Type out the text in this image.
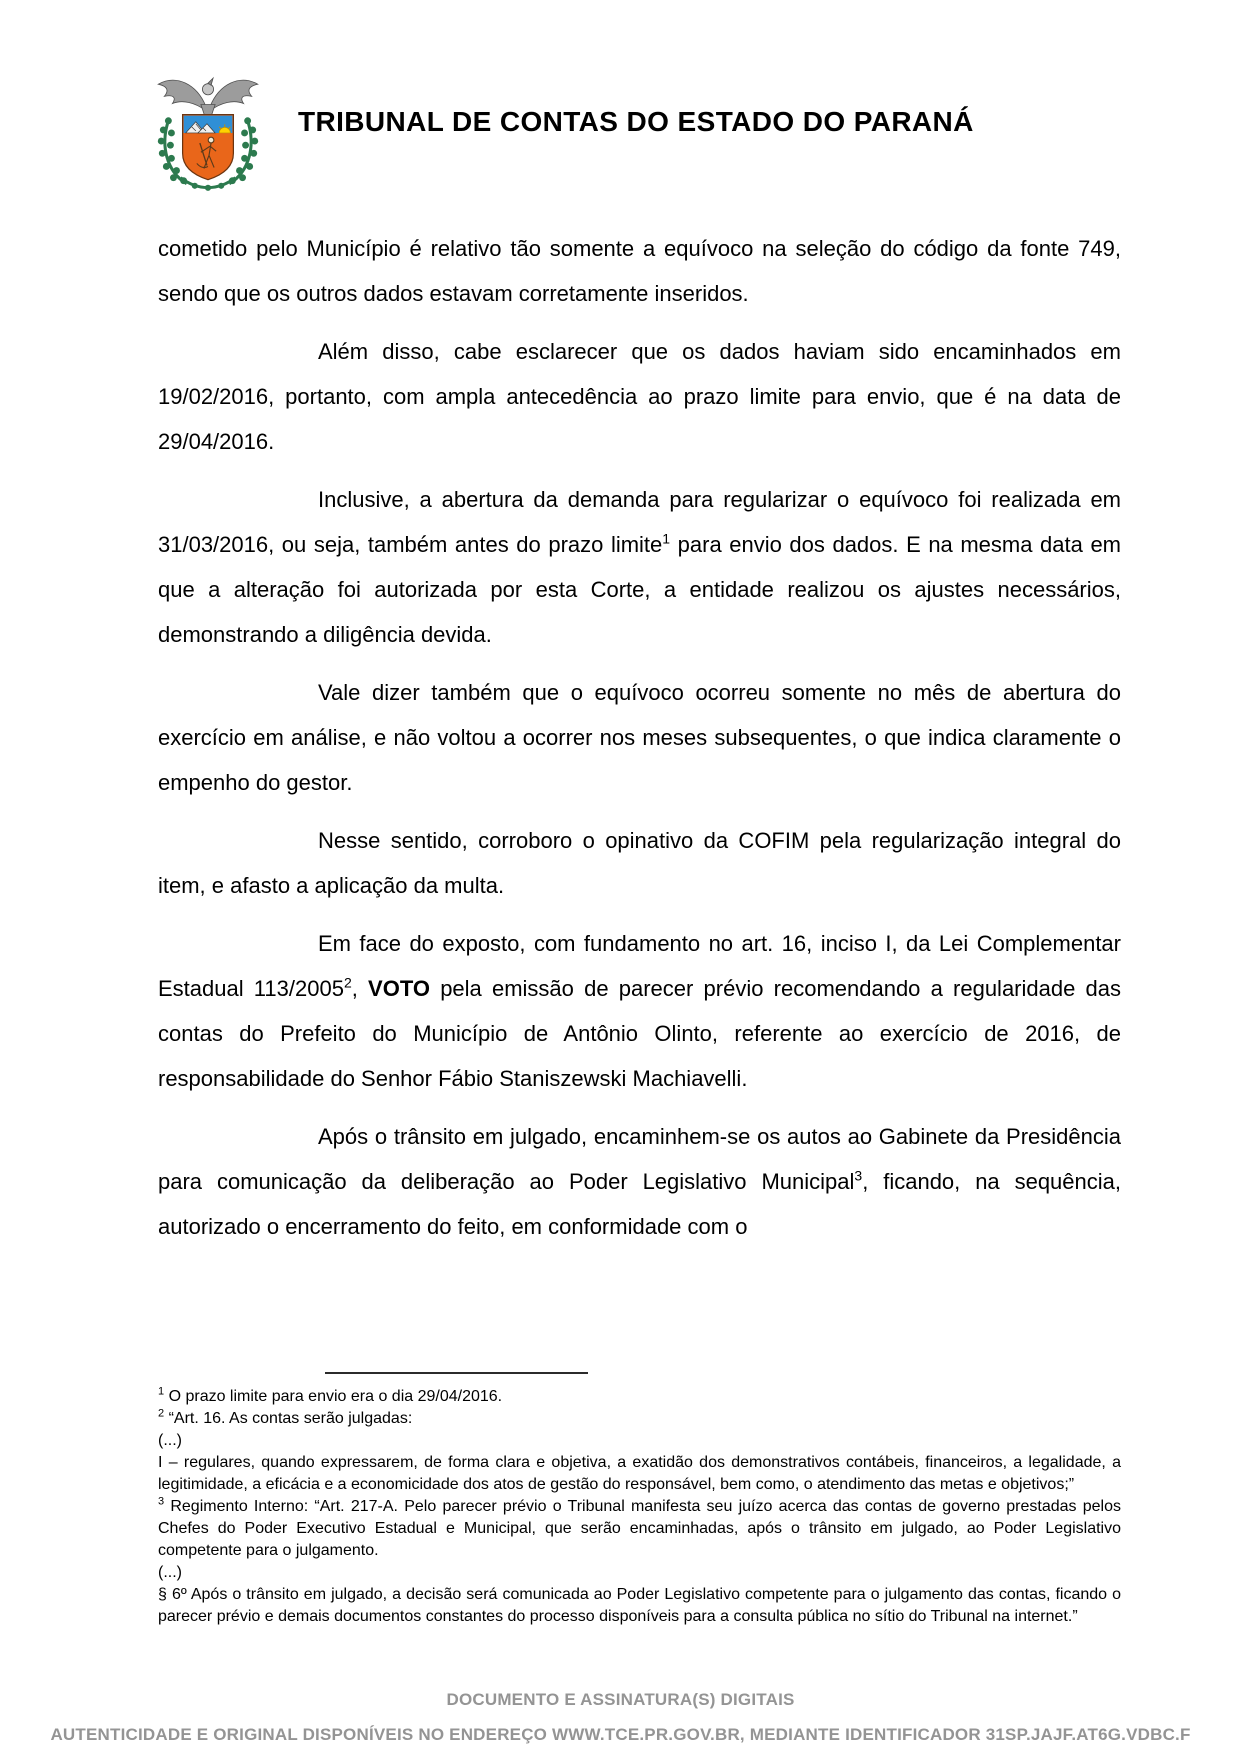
TRIBUNAL DE CONTAS DO ESTADO DO PARANÁ

cometido pelo Município é relativo tão somente a equívoco na seleção do código da fonte 749, sendo que os outros dados estavam corretamente inseridos.

Além disso, cabe esclarecer que os dados haviam sido encaminhados em 19/02/2016, portanto, com ampla antecedência ao prazo limite para envio, que é na data de 29/04/2016.

Inclusive, a abertura da demanda para regularizar o equívoco foi realizada em 31/03/2016, ou seja, também antes do prazo limite$^1$ para envio dos dados. E na mesma data em que a alteração foi autorizada por esta Corte, a entidade realizou os ajustes necessários, demonstrando a diligência devida.

Vale dizer também que o equívoco ocorreu somente no mês de abertura do exercício em análise, e não voltou a ocorrer nos meses subsequentes, o que indica claramente o empenho do gestor.

Nesse sentido, corroboro o opinativo da COFIM pela regularização integral do item, e afasto a aplicação da multa.

Em face do exposto, com fundamento no art. 16, inciso I, da Lei Complementar Estadual 113/2005$^2$, VOTO pela emissão de parecer prévio recomendando a regularidade das contas do Prefeito do Município de Antônio Olinto, referente ao exercício de 2016, de responsabilidade do Senhor Fábio Staniszewski Machiavelli.

Após o trânsito em julgado, encaminhem-se os autos ao Gabinete da Presidência para comunicação da deliberação ao Poder Legislativo Municipal$^3$, ficando, na sequência, autorizado o encerramento do feito, em conformidade com o

$^1$ O prazo limite para envio era o dia 29/04/2016.
$^2$ “Art. 16. As contas serão julgadas:
(...)
I – regulares, quando expressarem, de forma clara e objetiva, a exatidão dos demonstrativos contábeis, financeiros, a legalidade, a legitimidade, a eficácia e a economicidade dos atos de gestão do responsável, bem como, o atendimento das metas e objetivos;”
$^3$ Regimento Interno: “Art. 217-A. Pelo parecer prévio o Tribunal manifesta seu juízo acerca das contas de governo prestadas pelos Chefes do Poder Executivo Estadual e Municipal, que serão encaminhadas, após o trânsito em julgado, ao Poder Legislativo competente para o julgamento.
(...)
§ 6º Após o trânsito em julgado, a decisão será comunicada ao Poder Legislativo competente para o julgamento das contas, ficando o parecer prévio e demais documentos constantes do processo disponíveis para a consulta pública no sítio do Tribunal na internet.”
DOCUMENTO E ASSINATURA(S) DIGITAIS
AUTENTICIDADE E ORIGINAL DISPONÍVEIS NO ENDEREÇO WWW.TCE.PR.GOV.BR, MEDIANTE IDENTIFICADOR 31SP.JAJF.AT6G.VDBC.F
